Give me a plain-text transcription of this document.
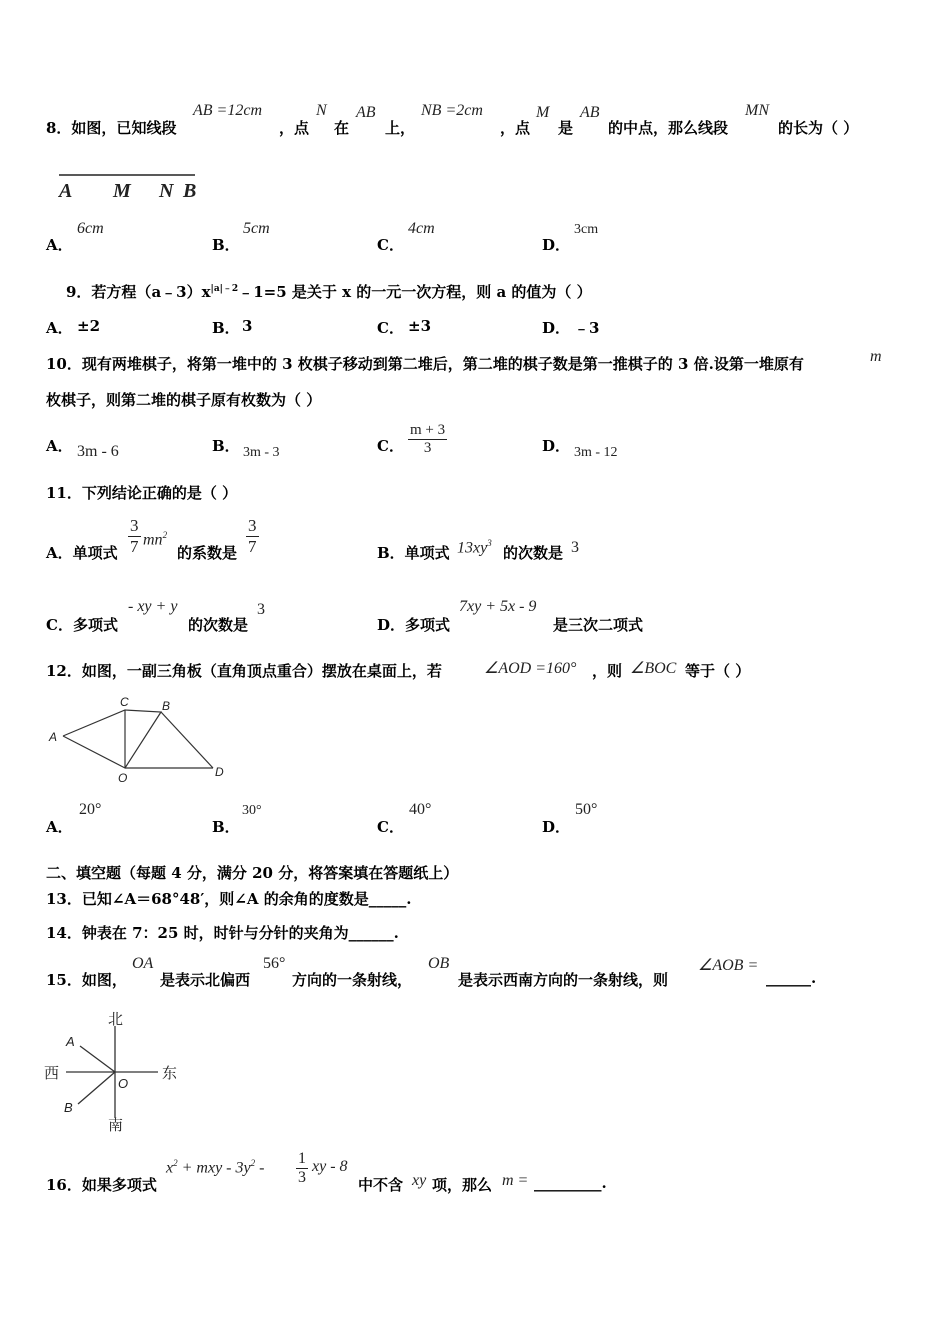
8．如图，已知线段
AB =12cm
，点
N
在
AB
上，
NB =2cm
，点
M
是
AB
的中点，那么线段
MN
的长为（ ）
A M N B
A．
6cm
B．
5cm
C．
4cm
D．
3cm
9．若方程$(a﹣3)x^{|a|﹣2}﹣1=5$ 是关于 x 的一元一次方程，则 a 的值为（ ）
A． ±2	B． 3	C． ±3	D． ﹣3
10．现有两堆棋子，将第一堆中的 3 枚棋子移动到第二堆后，第二堆的棋子数是第一推棋子的 3 倍.设第一堆原有	m
枚棋子，则第二堆的棋子原有枚数为（ ）
A． 3m - 6	B． 3m - 3	C．
m + 3
3	D． 3m - 12
11．下列结论正确的是（ ）
A．单项式
3
7 $mn^2$
的系数是
3
7	B．单项式 $13xy^3$
的次数是 3
C．多项式
- xy + y
的次数是
3
D．多项式
7xy + 5x - 9
是三次二项式
12．如图，一副三角板（直角顶点重合）摆放在桌面上，若	∠AOD =160° ，则 ∠BOC 等于（ ）
A
C	B
O	D
A．
20°
B．
30°
C．
40°
D．
50°
二、填空题（每题 4 分，满分 20 分，将答案填在答题纸上）
13．已知∠A＝68°48′，则∠A 的余角的度数是_____.
14．钟表在 7：25 时，时针与分针的夹角为______.
15．如图，
OA
是表示北偏西
56°
方向的一条射线，
OB
是表示西南方向的一条射线，则
∠AOB =
______.
北
南
西	东
A
B
O
16．如果多项式
$x^2$ + mxy - $3y^2$ -
1
3
xy - 8
中不含 xy 项，那么 m = _________.
